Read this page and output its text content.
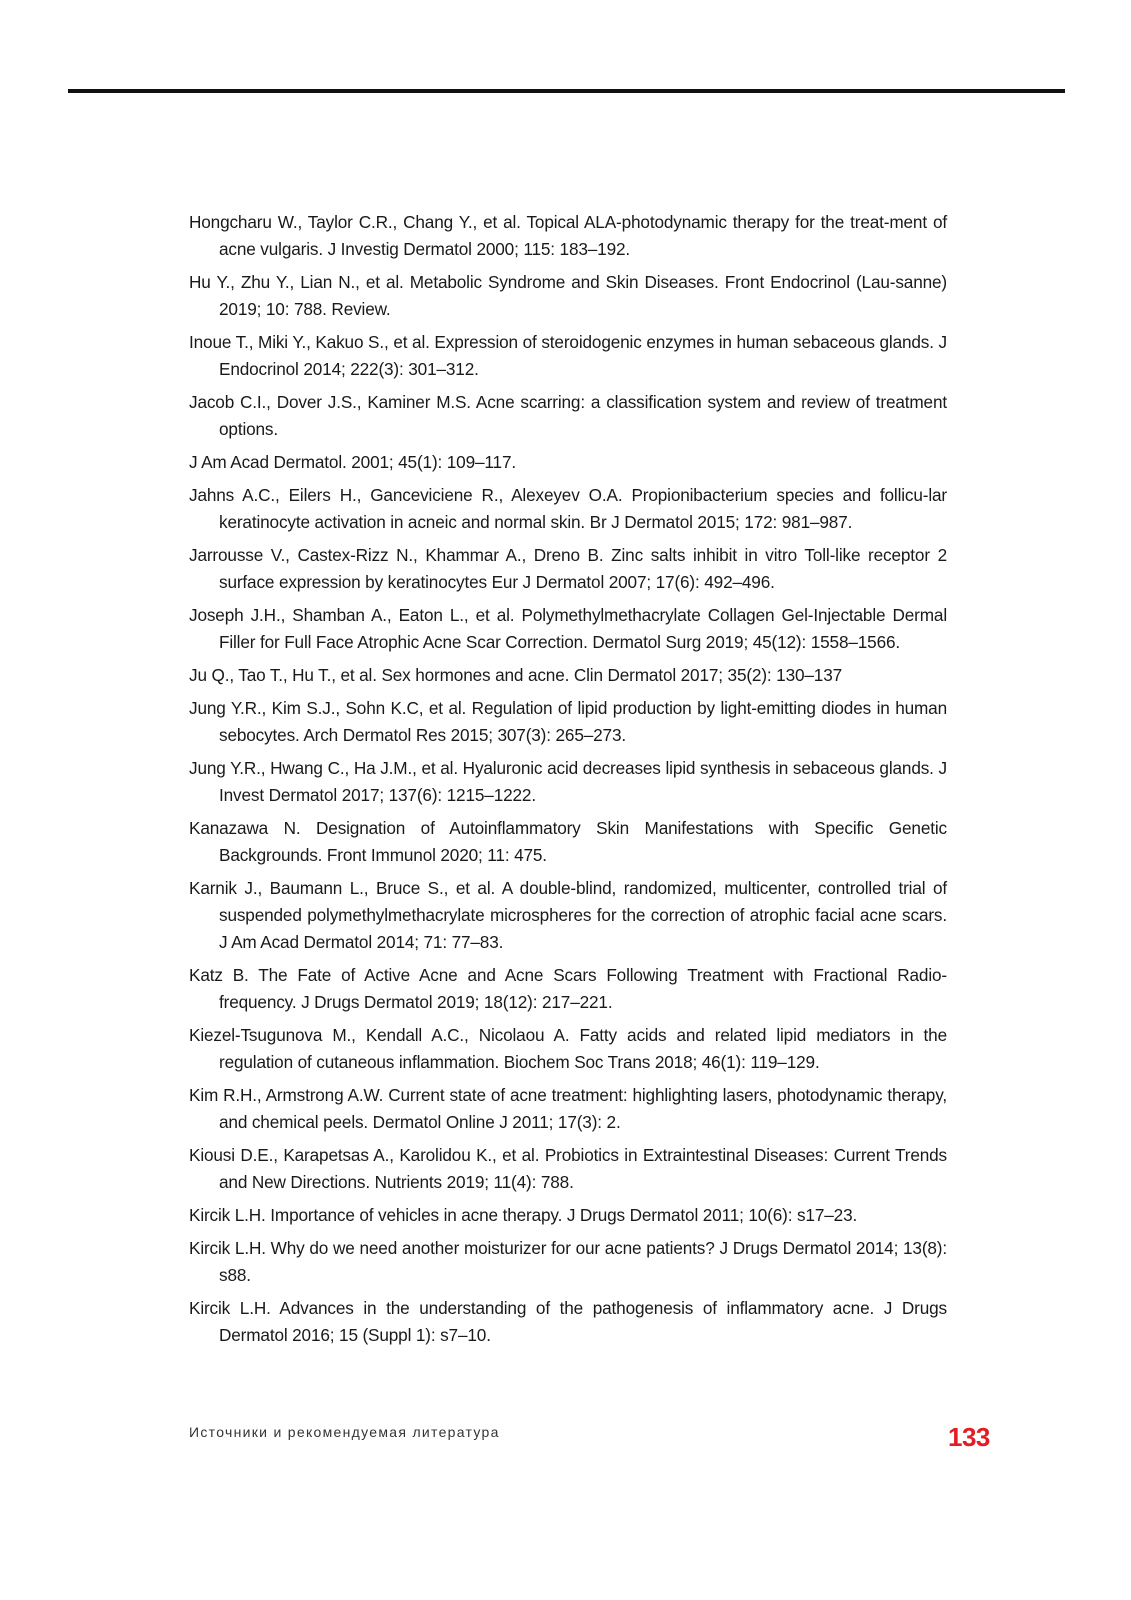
Hongcharu W., Taylor C.R., Chang Y., et al. Topical ALA-photodynamic therapy for the treat-ment of acne vulgaris. J Investig Dermatol 2000; 115: 183–192.
Hu Y., Zhu Y., Lian N., et al. Metabolic Syndrome and Skin Diseases. Front Endocrinol (Lau-sanne) 2019; 10: 788. Review.
Inoue T., Miki Y., Kakuo S., et al. Expression of steroidogenic enzymes in human sebaceous glands. J Endocrinol 2014; 222(3): 301–312.
Jacob C.I., Dover J.S., Kaminer M.S. Acne scarring: a classification system and review of treatment options.
J Am Acad Dermatol. 2001; 45(1): 109–117.
Jahns A.C., Eilers H., Ganceviciene R., Alexeyev O.A. Propionibacterium species and follicu-lar keratinocyte activation in acneic and normal skin. Br J Dermatol 2015; 172: 981–987.
Jarrousse V., Castex-Rizz N., Khammar A., Dreno B. Zinc salts inhibit in vitro Toll-like receptor 2 surface expression by keratinocytes Eur J Dermatol 2007; 17(6): 492–496.
Joseph J.H., Shamban A., Eaton L., et al. Polymethylmethacrylate Collagen Gel-Injectable Dermal Filler for Full Face Atrophic Acne Scar Correction. Dermatol Surg 2019; 45(12): 1558–1566.
Ju Q., Tao T., Hu T., et al. Sex hormones and acne. Clin Dermatol 2017; 35(2): 130–137
Jung Y.R., Kim S.J., Sohn K.C, et al. Regulation of lipid production by light-emitting diodes in human sebocytes. Arch Dermatol Res 2015; 307(3): 265–273.
Jung Y.R., Hwang C., Ha J.M., et al. Hyaluronic acid decreases lipid synthesis in sebaceous glands. J Invest Dermatol 2017; 137(6): 1215–1222.
Kanazawa N. Designation of Autoinflammatory Skin Manifestations with Specific Genetic Backgrounds. Front Immunol 2020; 11: 475.
Karnik J., Baumann L., Bruce S., et al. A double-blind, randomized, multicenter, controlled trial of suspended polymethylmethacrylate microspheres for the correction of atrophic facial acne scars. J Am Acad Dermatol 2014; 71: 77–83.
Katz B. The Fate of Active Acne and Acne Scars Following Treatment with Fractional Radio-frequency. J Drugs Dermatol 2019; 18(12): 217–221.
Kiezel-Tsugunova M., Kendall A.C., Nicolaou A. Fatty acids and related lipid mediators in the regulation of cutaneous inflammation. Biochem Soc Trans 2018; 46(1): 119–129.
Kim R.H., Armstrong A.W. Current state of acne treatment: highlighting lasers, photodynamic therapy, and chemical peels. Dermatol Online J 2011; 17(3): 2.
Kiousi D.E., Karapetsas A., Karolidou K., et al. Probiotics in Extraintestinal Diseases: Current Trends and New Directions. Nutrients 2019; 11(4): 788.
Kircik L.H. Importance of vehicles in acne therapy. J Drugs Dermatol 2011; 10(6): s17–23.
Kircik L.H. Why do we need another moisturizer for our acne patients? J Drugs Dermatol 2014; 13(8): s88.
Kircik L.H. Advances in the understanding of the pathogenesis of inflammatory acne. J Drugs Dermatol 2016; 15 (Suppl 1): s7–10.
Источники и рекомендуемая литература	133
